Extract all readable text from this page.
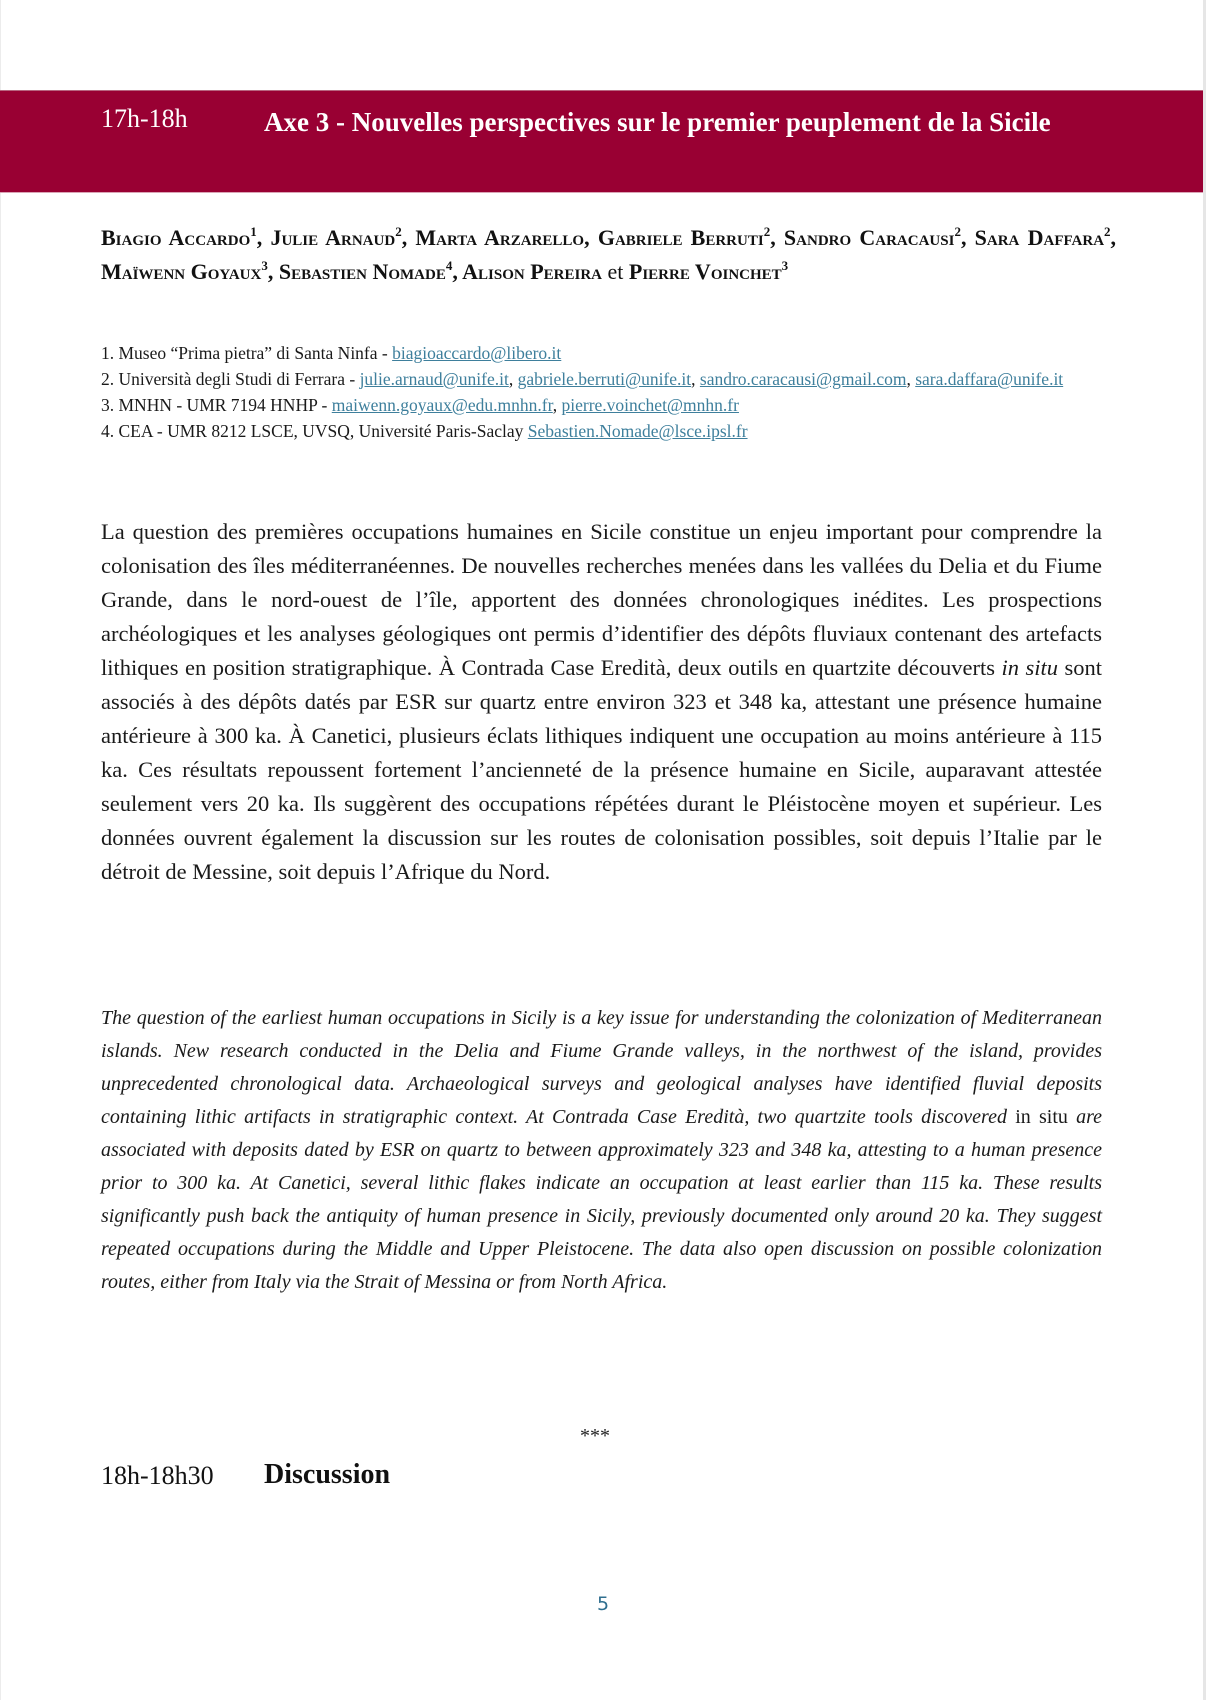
17h-18h	Axe 3 - Nouvelles perspectives sur le premier peuplement de la Sicile
Biagio Accardo$^1$, Julie Arnaud$^2$, Marta Arzarello, Gabriele Berruti$^2$, Sandro Caracausi$^2$, Sara Daffara$^2$, Maïwenn Goyaux$^3$, Sebastien Nomade$^4$, Alison Pereira et Pierre Voinchet$^3$
1. Museo “Prima pietra” di Santa Ninfa - biagioaccardo@libero.it
2. Università degli Studi di Ferrara - julie.arnaud@unife.it, gabriele.berruti@unife.it, sandro.caracausi@gmail.com, sara.daffara@unife.it
3. MNHN - UMR 7194 HNHP - maiwenn.goyaux@edu.mnhn.fr, pierre.voinchet@mnhn.fr
4. CEA - UMR 8212 LSCE, UVSQ, Université Paris-Saclay Sebastien.Nomade@lsce.ipsl.fr
La question des premières occupations humaines en Sicile constitue un enjeu important pour comprendre la colonisation des îles méditerranéennes. De nouvelles recherches menées dans les vallées du Delia et du Fiume Grande, dans le nord-ouest de l’île, apportent des données chronologiques inédites. Les prospections archéologiques et les analyses géologiques ont permis d’identifier des dépôts fluviaux contenant des artefacts lithiques en position stratigraphique. À Contrada Case Eredità, deux outils en quartzite découverts in situ sont associés à des dépôts datés par ESR sur quartz entre environ 323 et 348 ka, attestant une présence humaine antérieure à 300 ka. À Canetici, plusieurs éclats lithiques indiquent une occupation au moins antérieure à 115 ka. Ces résultats repoussent fortement l’ancienneté de la présence humaine en Sicile, auparavant attestée seulement vers 20 ka. Ils suggèrent des occupations répétées durant le Pléistocène moyen et supérieur. Les données ouvrent également la discussion sur les routes de colonisation possibles, soit depuis l’Italie par le détroit de Messine, soit depuis l’Afrique du Nord.
The question of the earliest human occupations in Sicily is a key issue for understanding the colonization of Mediterranean islands. New research conducted in the Delia and Fiume Grande valleys, in the northwest of the island, provides unprecedented chronological data. Archaeological surveys and geological analyses have identified fluvial deposits containing lithic artifacts in stratigraphic context. At Contrada Case Eredità, two quartzite tools discovered in situ are associated with deposits dated by ESR on quartz to between approximately 323 and 348 ka, attesting to a human presence prior to 300 ka. At Canetici, several lithic flakes indicate an occupation at least earlier than 115 ka. These results significantly push back the antiquity of human presence in Sicily, previously documented only around 20 ka. They suggest repeated occupations during the Middle and Upper Pleistocene. The data also open discussion on possible colonization routes, either from Italy via the Strait of Messina or from North Africa.
***
18h-18h30 Discussion
5
